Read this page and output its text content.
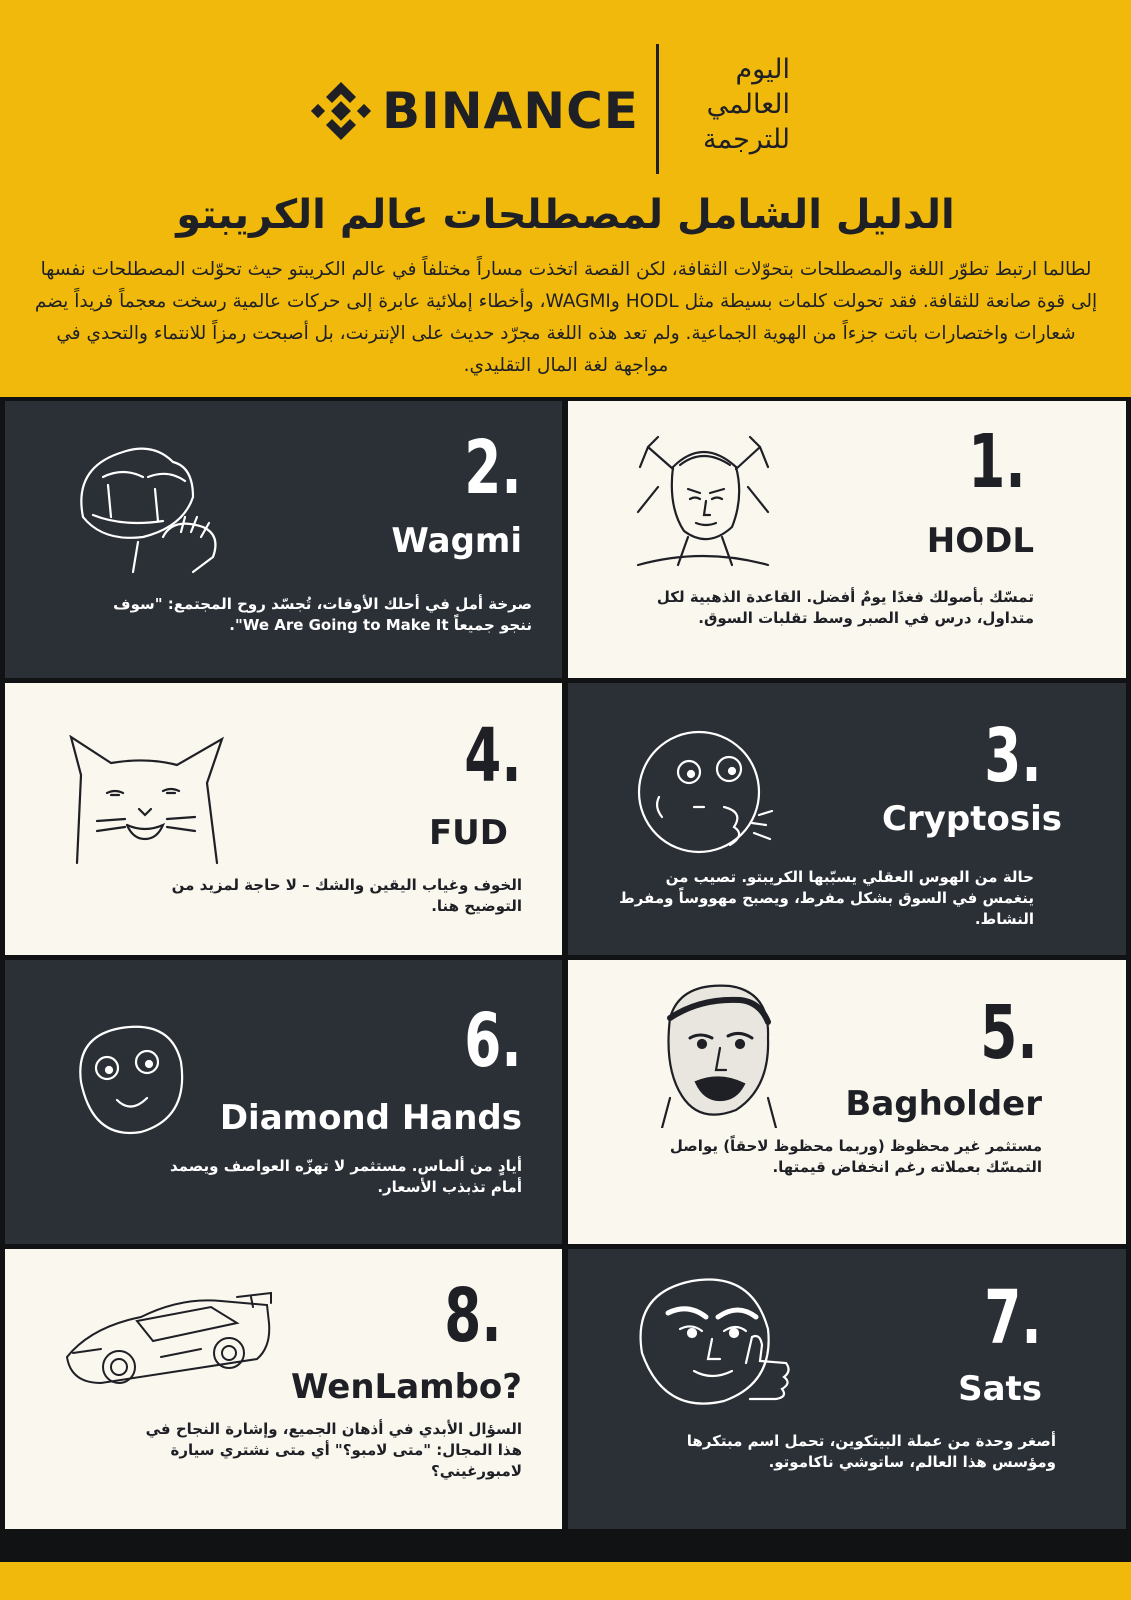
BINANCE
اليوم
العالمي
للترجمة
الدليل الشامل لمصطلحات عالم الكريبتو
لطالما ارتبط تطوّر اللغة والمصطلحات بتحوّلات الثقافة، لكن القصة اتخذت مساراً مختلفاً في عالم الكريبتو حيث تحوّلت المصطلحات نفسها إلى قوة صانعة للثقافة. فقد تحولت كلمات بسيطة مثل HODL وWAGMI، وأخطاء إملائية عابرة إلى حركات عالمية رسخت معجماً فريداً يضم شعارات واختصارات باتت جزءاً من الهوية الجماعية. ولم تعد هذه اللغة مجرّد حديث على الإنترنت، بل أصبحت رمزاً للانتماء والتحدي في مواجهة لغة المال التقليدي.
1.
HODL
تمسّك بأصولك فغدًا يومٌ أفضل. القاعدة الذهبية لكل متداول، درس في الصبر وسط تقلبات السوق.
2.
Wagmi
صرخة أمل في أحلك الأوقات، تُجسّد روح المجتمع: "سوف ننجو جميعاً We Are Going to Make It".
3.
Cryptosis
حالة من الهوس العقلي يسبّبها الكريبتو. تصيب من ينغمس في السوق بشكل مفرط، ويصبح مهووساً ومفرط النشاط.
4.
FUD
الخوف وغياب اليقين والشك – لا حاجة لمزيد من التوضيح هنا.
5.
Bagholder
مستثمر غير محظوظ (وربما محظوظ لاحقاً) يواصل التمسّك بعملاته رغم انخفاض قيمتها.
6.
Diamond Hands
أيادٍ من ألماس. مستثمر لا تهزّه العواصف ويصمد أمام تذبذب الأسعار.
7.
Sats
أصغر وحدة من عملة البيتكوين، تحمل اسم مبتكرها ومؤسس هذا العالم، ساتوشي ناكاموتو.
8.
WenLambo?
السؤال الأبدي في أذهان الجميع، وإشارة النجاح في هذا المجال: "متى لامبو؟" أي متى نشتري سيارة لامبورغيني؟
